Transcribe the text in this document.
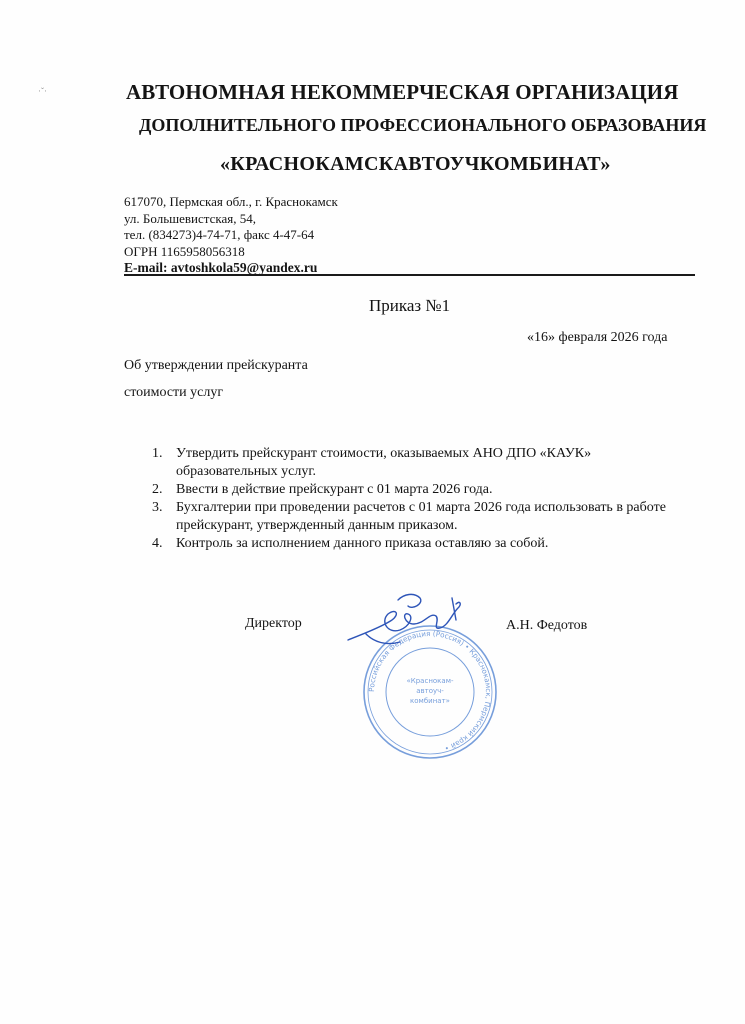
·ˇ·	АВТОНОМНАЯ НЕКОММЕРЧЕСКАЯ ОРГАНИЗАЦИЯ
ДОПОЛНИТЕЛЬНОГО ПРОФЕССИОНАЛЬНОГО ОБРАЗОВАНИЯ
«КРАСНОКАМСКАВТОУЧКОМБИНАТ»
617070, Пермская обл., г. Краснокамск
ул. Большевистская, 54,
тел. (834273)4-74-71, факс 4-47-64
ОГРН 1165958056318
E-mail: avtoshkola59@yandex.ru
Приказ №1
«16» февраля 2026 года
Об утверждении прейскуранта
стоимости услуг
1. Утвердить прейскурант стоимости, оказываемых АНО ДПО «КАУК» образовательных услуг.
2. Ввести в действие прейскурант с 01 марта 2026 года.
3. Бухгалтерии при проведении расчетов с 01 марта 2026 года использовать в работе прейскурант, утвержденный данным приказом.
4. Контроль за исполнением данного приказа оставляю за собой.
Директор	А.Н. Федотов
Российская Федерация (Россия) • Краснокамск, Пермский край •
«Краснокам-
автоуч-
комбинат»
